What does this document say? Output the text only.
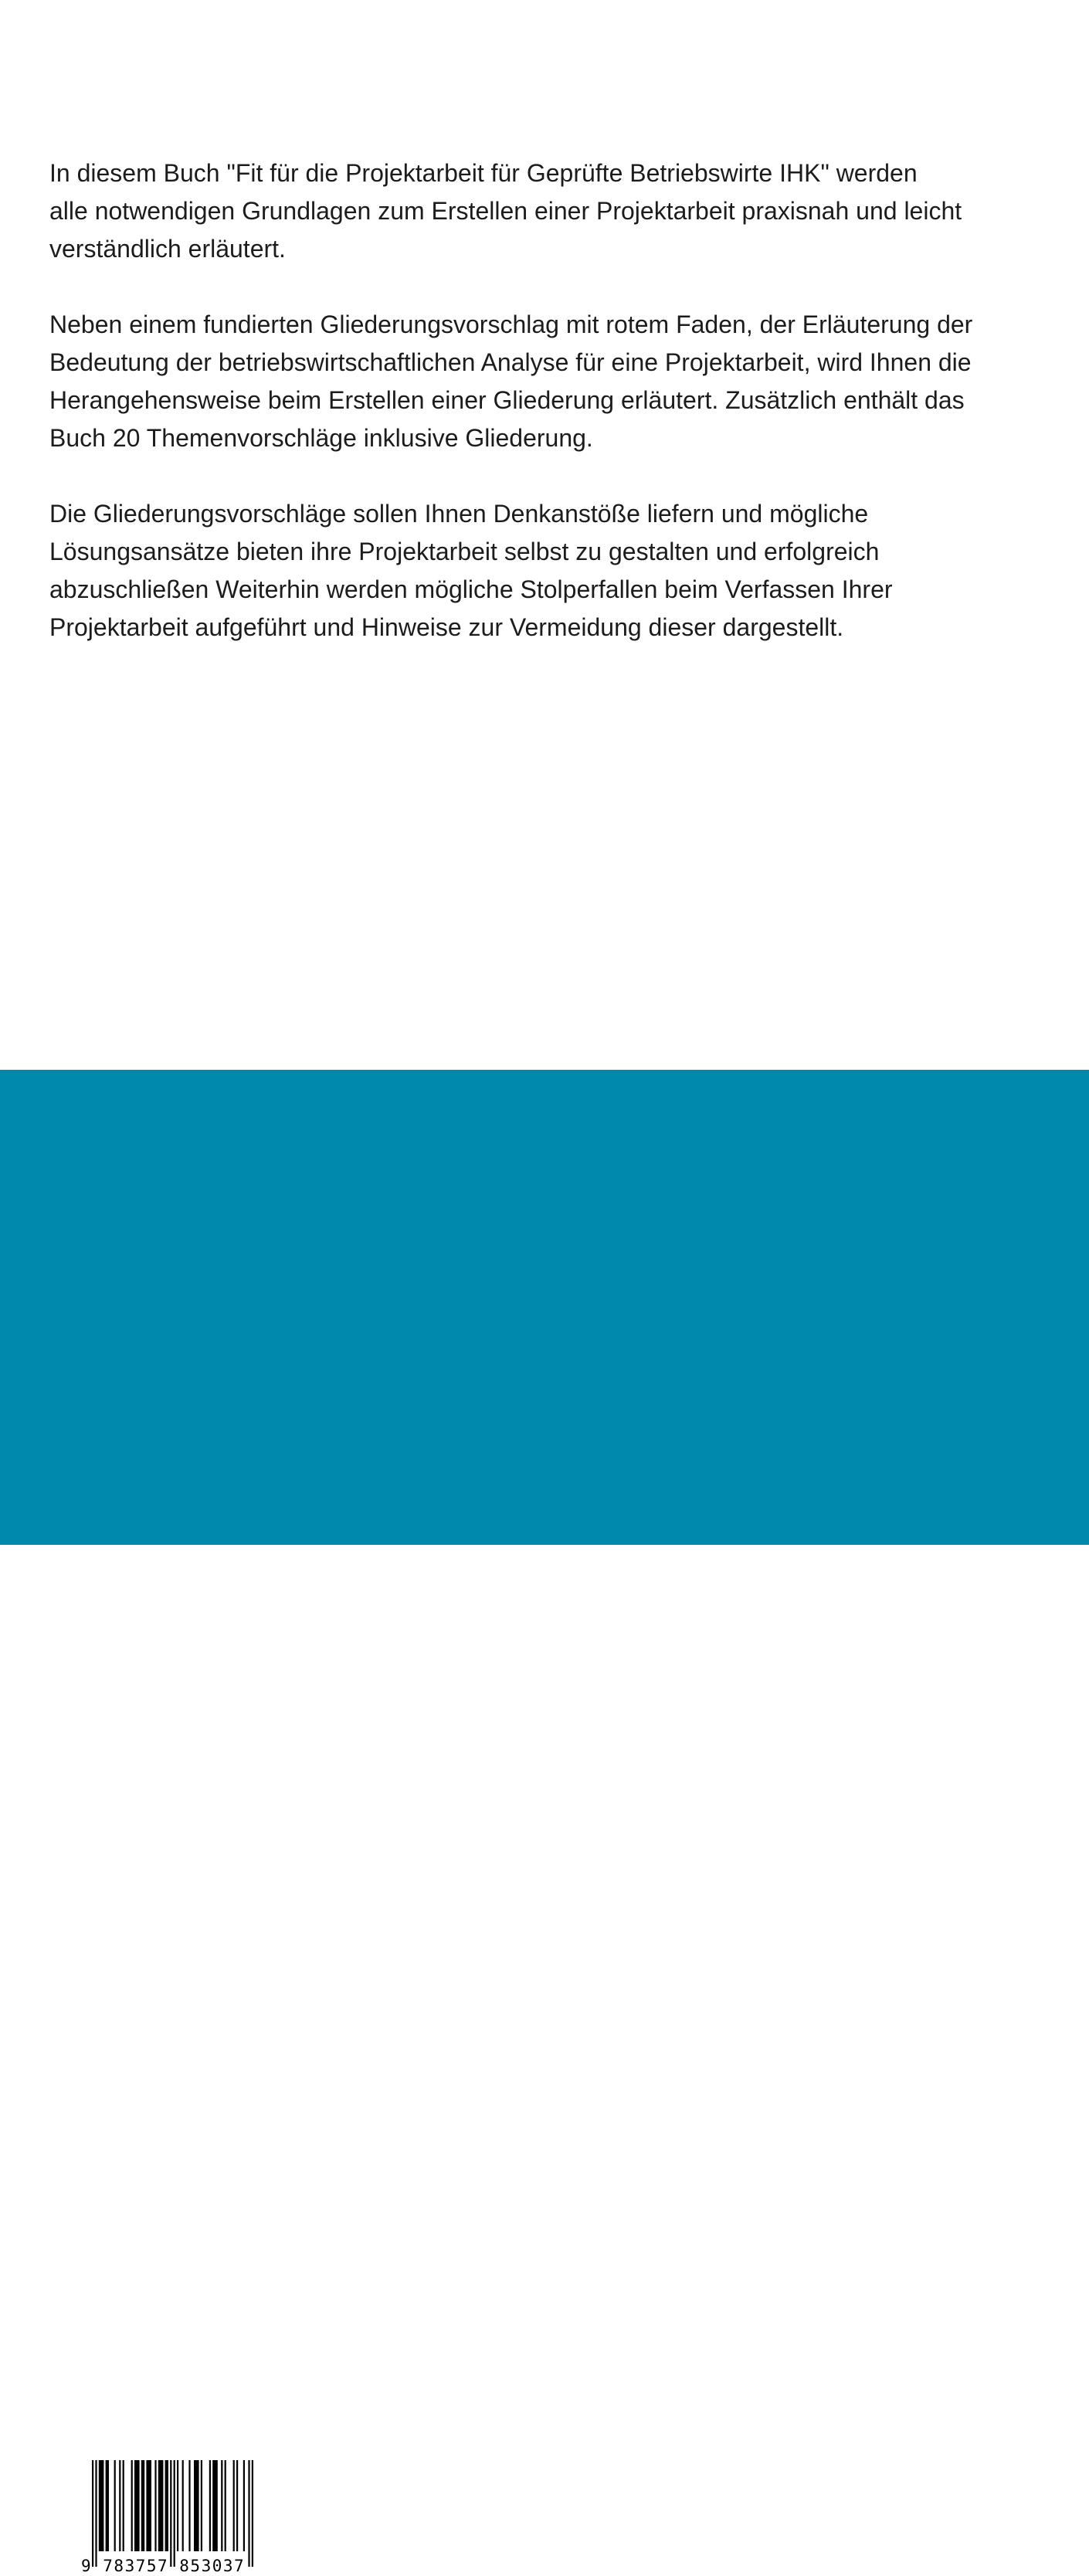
In diesem Buch "Fit für die Projektarbeit für Geprüfte Betriebswirte IHK" werden
alle notwendigen Grundlagen zum Erstellen einer Projektarbeit praxisnah und leicht
verständlich erläutert.

Neben einem fundierten Gliederungsvorschlag mit rotem Faden, der Erläuterung der
Bedeutung der betriebswirtschaftlichen Analyse für eine Projektarbeit, wird Ihnen die
Herangehensweise beim Erstellen einer Gliederung erläutert. Zusätzlich enthält das
Buch 20 Themenvorschläge inklusive Gliederung.

Die Gliederungsvorschläge sollen Ihnen Denkanstöße liefern und mögliche
Lösungsansätze bieten ihre Projektarbeit selbst zu gestalten und erfolgreich
abzuschließen Weiterhin werden mögliche Stolperfallen beim Verfassen Ihrer
Projektarbeit aufgeführt und Hinweise zur Vermeidung dieser dargestellt.

9 783757 853037
